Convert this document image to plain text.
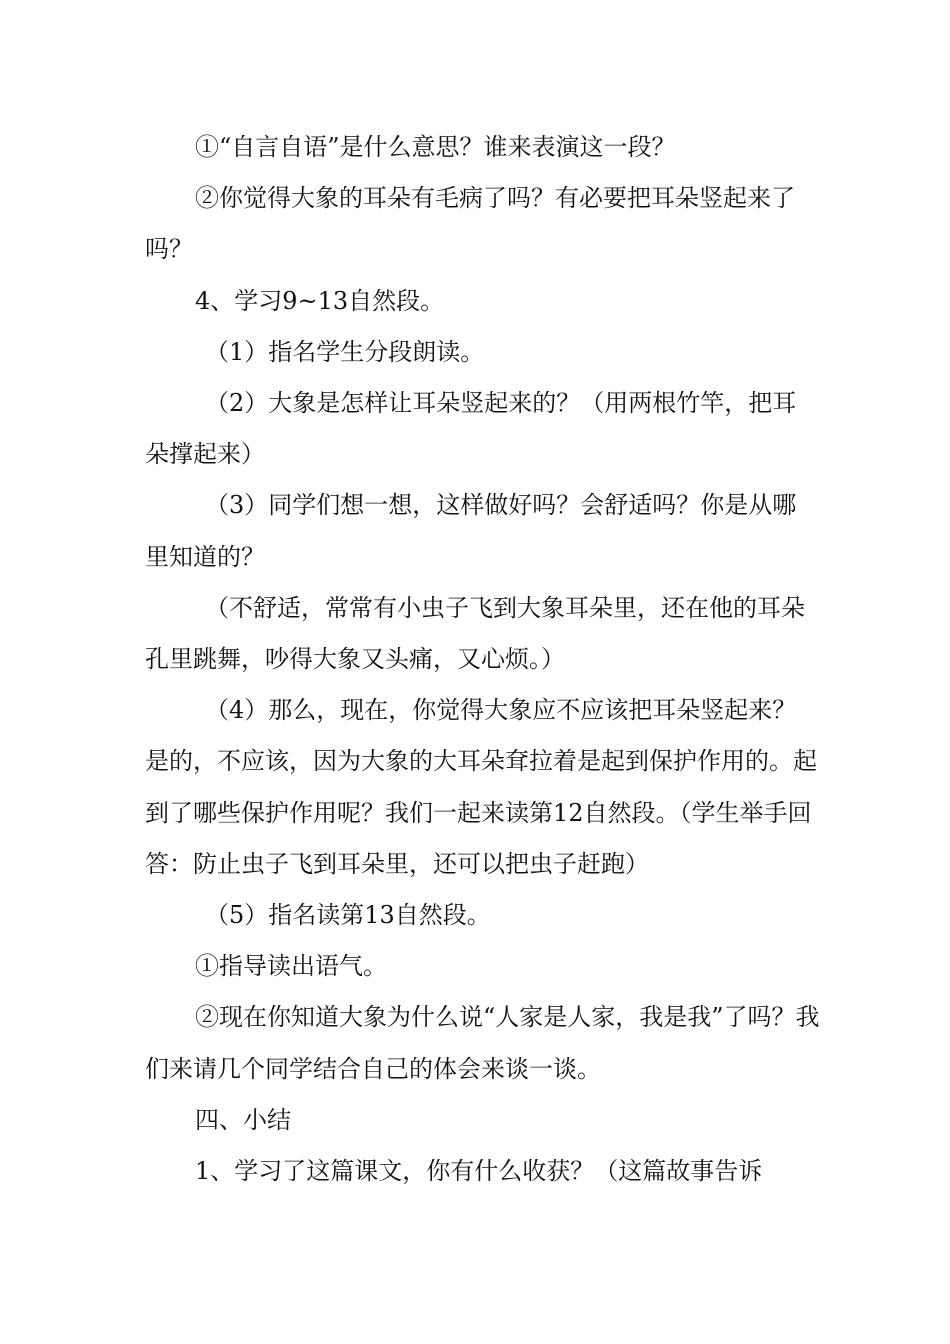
①“自言自语”是什么意思？谁来表演这一段？

②你觉得大象的耳朵有毛病了吗？有必要把耳朵竖起来了吗？

4、学习9~13自然段。

（1）指名学生分段朗读。

（2）大象是怎样让耳朵竖起来的？（用两根竹竿，把耳朵撑起来）

（3）同学们想一想，这样做好吗？会舒适吗？你是从哪里知道的？

（不舒适，常常有小虫子飞到大象耳朵里，还在他的耳朵孔里跳舞，吵得大象又头痛，又心烦。）

（4）那么，现在，你觉得大象应不应该把耳朵竖起来？是的，不应该，因为大象的大耳朵耷拉着是起到保护作用的。起到了哪些保护作用呢？我们一起来读第12自然段。（学生举手回答：防止虫子飞到耳朵里，还可以把虫子赶跑）

（5）指名读第13自然段。

①指导读出语气。

②现在你知道大象为什么说“人家是人家，我是我”了吗？我们来请几个同学结合自己的体会来谈一谈。

四、小结

1、学习了这篇课文，你有什么收获？（这篇故事告诉
